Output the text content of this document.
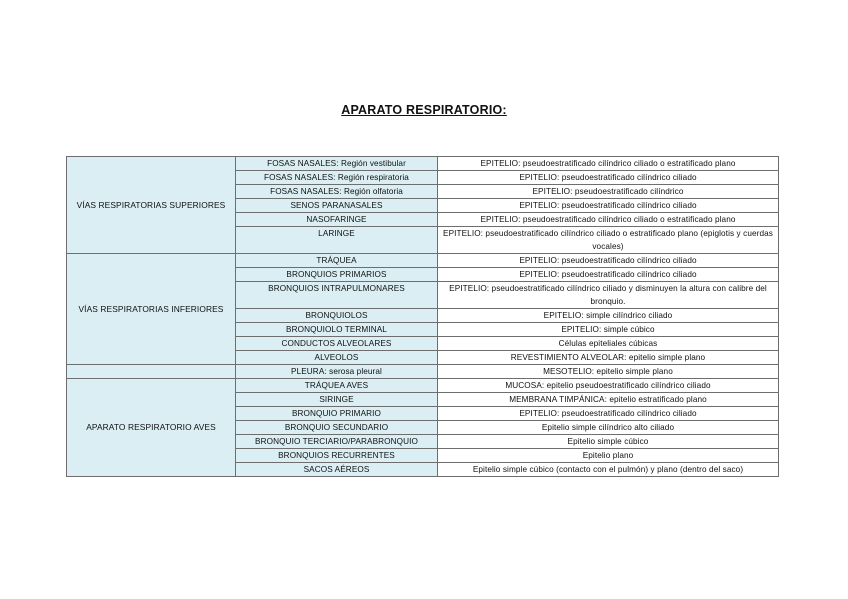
APARATO RESPIRATORIO:
VÍAS RESPIRATORIAS SUPERIORES	FOSAS NASALES: Región vestibular	EPITELIO: pseudoestratificado cilíndrico ciliado o estratificado plano
	FOSAS NASALES: Región respiratoria	EPITELIO: pseudoestratificado cilíndrico ciliado
	FOSAS NASALES: Región olfatoria	EPITELIO: pseudoestratificado cilíndrico
	SENOS PARANASALES	EPITELIO: pseudoestratificado cilíndrico ciliado
	NASOFARINGE	EPITELIO: pseudoestratificado cilíndrico ciliado o estratificado plano
	LARINGE	EPITELIO: pseudoestratificado cilíndrico ciliado o estratificado plano (epiglotis y cuerdas vocales)

VÍAS RESPIRATORIAS INFERIORES	TRÁQUEA	EPITELIO: pseudoestratificado cilíndrico ciliado
	BRONQUIOS PRIMARIOS	EPITELIO: pseudoestratificado cilíndrico ciliado
	BRONQUIOS INTRAPULMONARES	EPITELIO: pseudoestratificado cilíndrico ciliado y disminuyen la altura con calibre del bronquio.

	BRONQUIOLOS	EPITELIO: simple cilíndrico ciliado
	BRONQUIOLO TERMINAL	EPITELIO: simple cúbico
	CONDUCTOS ALVEOLARES	Células epiteliales cúbicas
	ALVEOLOS	REVESTIMIENTO ALVEOLAR: epitelio simple plano
	PLEURA: serosa pleural	MESOTELIO: epitelio simple plano
APARATO RESPIRATORIO AVES	TRÁQUEA AVES	MUCOSA: epitelio pseudoestratificado cilíndrico ciliado
	SIRINGE	MEMBRANA TIMPÁNICA: epitelio estratificado plano
	BRONQUIO PRIMARIO	EPITELIO: pseudoestratificado cilíndrico ciliado
	BRONQUIO SECUNDARIO	Epitelio simple cilíndrico alto ciliado
	BRONQUIO TERCIARIO/PARABRONQUIO	Epitelio simple cúbico
	BRONQUIOS RECURRENTES	Epitelio plano
	SACOS AÉREOS	Epitelio simple cúbico (contacto con el pulmón) y plano (dentro del saco)
